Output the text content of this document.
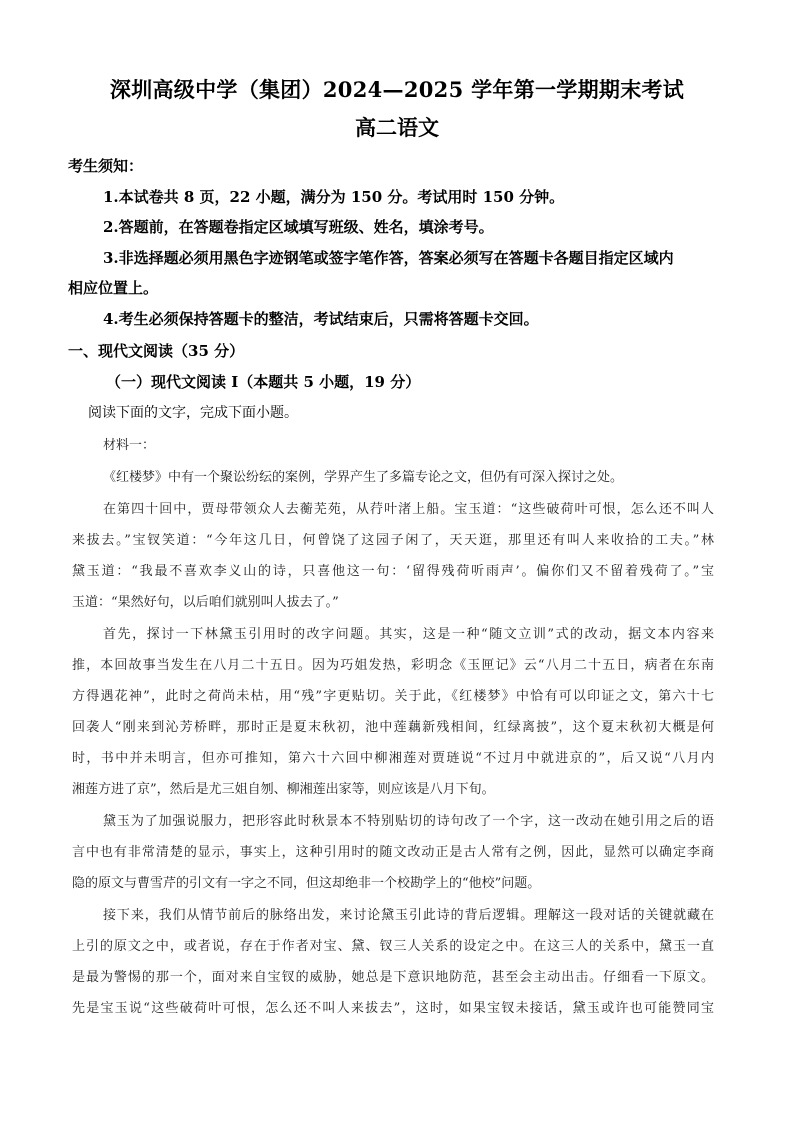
深圳高级中学（集团）2024—2025 学年第一学期期末考试
高二语文
考生须知：
1.本试卷共 8 页，22 小题，满分为 150 分。考试用时 150 分钟。
2.答题前，在答题卷指定区域填写班级、姓名，填涂考号。
3.非选择题必须用黑色字迹钢笔或签字笔作答，答案必须写在答题卡各题目指定区域内
相应位置上。
4.考生必须保持答题卡的整洁，考试结束后，只需将答题卡交回。
一、现代文阅读（35 分）
（一）现代文阅读 I（本题共 5 小题，19 分）
阅读下面的文字，完成下面小题。
材料一：
《红楼梦》中有一个聚讼纷纭的案例，学界产生了多篇专论之文，但仍有可深入探讨之处。
在第四十回中，贾母带领众人去蘅芜苑，从荇叶渚上船。宝玉道：“这些破荷叶可恨，怎么还不叫人
来拔去。”宝钗笑道：“今年这几日，何曾饶了这园子闲了，天天逛，那里还有叫人来收拾的工夫。”林
黛玉道：“我最不喜欢李义山的诗，只喜他这一句：‘留得残荷听雨声’。偏你们又不留着残荷了。”宝
玉道：“果然好句，以后咱们就别叫人拔去了。”
首先，探讨一下林黛玉引用时的改字问题。其实，这是一种“随文立训”式的改动，据文本内容来
推，本回故事当发生在八月二十五日。因为巧姐发热，彩明念《玉匣记》云“八月二十五日，病者在东南
方得遇花神”，此时之荷尚未枯，用“残”字更贴切。关于此，《红楼梦》中恰有可以印证之文，第六十七
回袭人“刚来到沁芳桥畔，那时正是夏末秋初，池中莲藕新残相间，红绿离披”，这个夏末秋初大概是何
时，书中并未明言，但亦可推知，第六十六回中柳湘莲对贾琏说“不过月中就进京的”，后又说“八月内
湘莲方进了京”，然后是尤三姐自刎、柳湘莲出家等，则应该是八月下旬。
黛玉为了加强说服力，把形容此时秋景本不特别贴切的诗句改了一个字，这一改动在她引用之后的语
言中也有非常清楚的显示，事实上，这种引用时的随文改动正是古人常有之例，因此，显然可以确定李商
隐的原文与曹雪芹的引文有一字之不同，但这却绝非一个校勘学上的“他校”问题。
接下来，我们从情节前后的脉络出发，来讨论黛玉引此诗的背后逻辑。理解这一段对话的关键就藏在
上引的原文之中，或者说，存在于作者对宝、黛、钗三人关系的设定之中。在这三人的关系中，黛玉一直
是最为警惕的那一个，面对来自宝钗的威胁，她总是下意识地防范，甚至会主动出击。仔细看一下原文。
先是宝玉说“这些破荷叶可恨，怎么还不叫人来拔去”，这时，如果宝钗未接话，黛玉或许也可能赞同宝
